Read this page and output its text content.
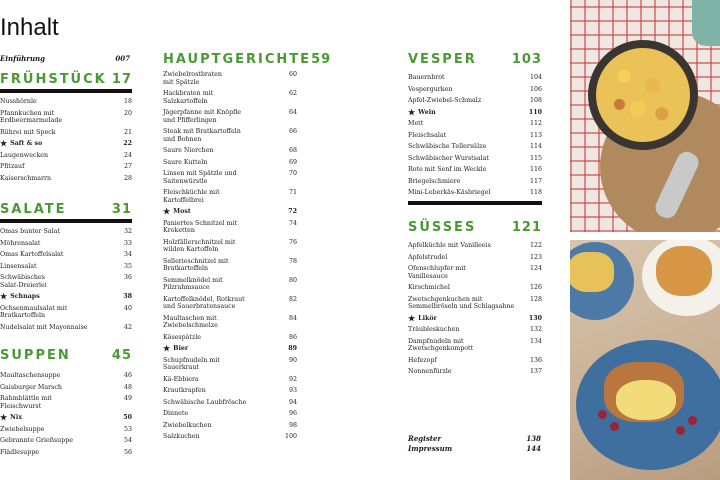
Inhalt
Einführung	007
FRÜHSTÜCK 17
Nusshörnle	18
Pfannkuchen mit
Erdbeermarmelade
20
Rührei mit Speck	21
★ Saft & so	22
Laugenwecken	24
Pfitzauf	27
Kaiserschmarrn	28
SALATE	31
Omas bunter Salat	32
Möhrensalat	33
Omas Kartoffelsalat	34
Linsensalat	35
Schwäbisches
Salat-Dreierlei
36
★ Schnaps	38
Ochsenmaulsalat mit
Bratkartoffeln
40
Nudelsalat mit Mayonnaise	42
SUPPEN	45
Maultaschensuppe	46
Gaisburger Marsch	48
Rahmblättle mit
Fleischwurst
49
★ Nix	50
Zwiebelsuppe	53
Gebrannte Grießsuppe	54
Flädlesuppe	56
HAUPTGERICHTE 59
Zwiebelrostbraten
mit Spätzle
60
Hackbraten mit
Salzkartoffeln
62
Jägerpfanne mit Knöpfle
und Pfifferlingen
64
Steak mit Bratkartoffeln
und Bohnen
66
Saure Nierchen	68
Saure Kutteln	69
Linsen mit Spätzle und
Saitenwürstle
70
Fleischküchle mit
Kartoffelbrei
71
★ Most	72
Paniertes Schnitzel mit
Kroketten
74
Holzfällerschnitzel mit
wilden Kartoffeln
76
Sellerieschnitzel mit
Bratkartoffeln
78
Semmelknödel mit
Pilzrahmsauce
80
Kartoffelknödel, Rotkraut
und Sauerbratensauce
82
Maultaschen mit
Zwiebelschmelze
84
Käsespätzle	86
★ Bier	89
Schupfnudeln mit
Sauerkraut
90
Kä-Ebbiera	92
Krautkrapfen	93
Schwäbische Laubfrösche	94
Dinnete	96
Zwiebelkuchen	98
Salzkuchen	100
VESPER	103
Bauernbrot	104
Vespergurken	106
Apfel-Zwiebel-Schmalz	108
★ Wein	110
Mett	112
Fleischsalat	113
Schwäbische Tellersülze	114
Schwäbischer Wurstsalat	115
Rote mit Senf im Weckle	116
Briegelschmiere	117
Mini-Leberkäs-Käsbriegel	118
SÜSSES	121
Apfelküchle mit Vanilleeis	122
Apfelstrudel	123
Ofenschlupfer mit
Vanillesauce
124
Kirschmichel	126
Zwetschgenkuchen mit
Semmelbröseln und Schlagsahne
128
★ Likör	130
Träubleskuchen	132
Dampfnudeln mit
Zwetschgenkompott
134
Hefezopf	136
Nonnenfürzle	137
Register	138
Impressum	144
